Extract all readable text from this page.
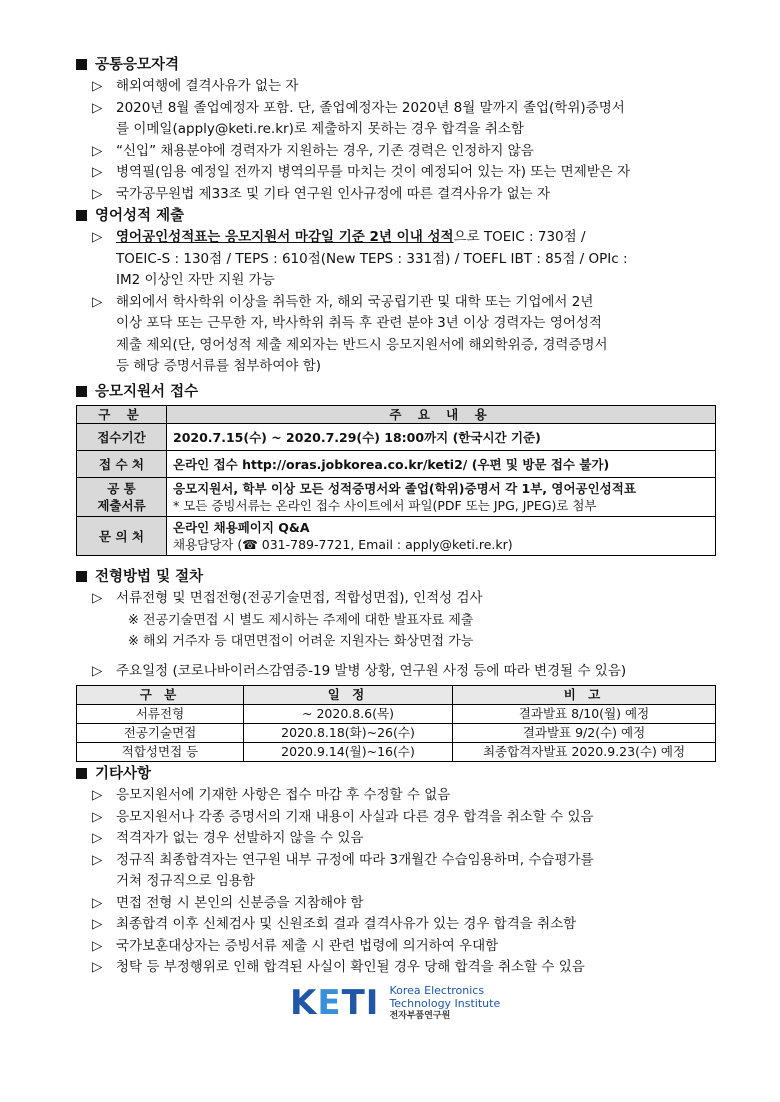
공통응모자격
▷ 해외여행에 결격사유가 없는 자
▷ 2020년 8월 졸업예정자 포함. 단, 졸업예정자는 2020년 8월 말까지 졸업(학위)증명서
를 이메일(apply@keti.re.kr)로 제출하지 못하는 경우 합격을 취소함
▷ “신입” 채용분야에 경력자가 지원하는 경우, 기존 경력은 인정하지 않음
▷ 병역필(임용 예정일 전까지 병역의무를 마치는 것이 예정되어 있는 자) 또는 면제받은 자
▷ 국가공무원법 제33조 및 기타 연구원 인사규정에 따른 결격사유가 없는 자
영어성적 제출
▷ 영어공인성적표는 응모지원서 마감일 기준 2년 이내 성적으로 TOEIC : 730점 /
TOEIC-S : 130점 / TEPS : 610점(New TEPS : 331점) / TOEFL IBT : 85점 / OPIc :
IM2 이상인 자만 지원 가능
▷ 해외에서 학사학위 이상을 취득한 자, 해외 국공립기관 및 대학 또는 기업에서 2년
이상 포닥 또는 근무한 자, 박사학위 취득 후 관련 분야 3년 이상 경력자는 영어성적
제출 제외(단, 영어성적 제출 제외자는 반드시 응모지원서에 해외학위증, 경력증명서
등 해당 증명서류를 첨부하여야 함)
응모지원서 접수
구 분	주 요 내 용
접수기간	2020.7.15(수) ~ 2020.7.29(수) 18:00까지 (한국시간 기준)
접 수 처	온라인 접수 http://oras.jobkorea.co.kr/keti2/ (우편 및 방문 접수 불가)
공 통
제출서류	응모지원서, 학부 이상 모든 성적증명서와 졸업(학위)증명서 각 1부, 영어공인성적표
* 모든 증빙서류는 온라인 접수 사이트에서 파일(PDF 또는 JPG, JPEG)로 첨부
문 의 처	온라인 채용페이지 Q&A
채용담당자 (☎ 031-789-7721, Email : apply@keti.re.kr)
전형방법 및 절차
▷ 서류전형 및 면접전형(전공기술면접, 적합성면접), 인적성 검사
※ 전공기술면접 시 별도 제시하는 주제에 대한 발표자료 제출
※ 해외 거주자 등 대면면접이 어려운 지원자는 화상면접 가능
▷ 주요일정 (코로나바이러스감염증-19 발병 상황, 연구원 사정 등에 따라 변경될 수 있음)
구 분	일 정	비 고
서류전형	~ 2020.8.6(목)	결과발표 8/10(월) 예정
전공기술면접	2020.8.18(화)~26(수)	결과발표 9/2(수) 예정
적합성면접 등	2020.9.14(월)~16(수)	최종합격자발표 2020.9.23(수) 예정
기타사항
▷ 응모지원서에 기재한 사항은 접수 마감 후 수정할 수 없음
▷ 응모지원서나 각종 증명서의 기재 내용이 사실과 다른 경우 합격을 취소할 수 있음
▷ 적격자가 없는 경우 선발하지 않을 수 있음
▷ 정규직 최종합격자는 연구원 내부 규정에 따라 3개월간 수습임용하며, 수습평가를
거쳐 정규직으로 임용함
▷ 면접 전형 시 본인의 신분증을 지참해야 함
▷ 최종합격 이후 신체검사 및 신원조회 결과 결격사유가 있는 경우 합격을 취소함
▷ 국가보훈대상자는 증빙서류 제출 시 관련 법령에 의거하여 우대함
▷ 청탁 등 부정행위로 인해 합격된 사실이 확인될 경우 당해 합격을 취소할 수 있음
KETI Korea Electronics
Technology Institute
전자부품연구원
